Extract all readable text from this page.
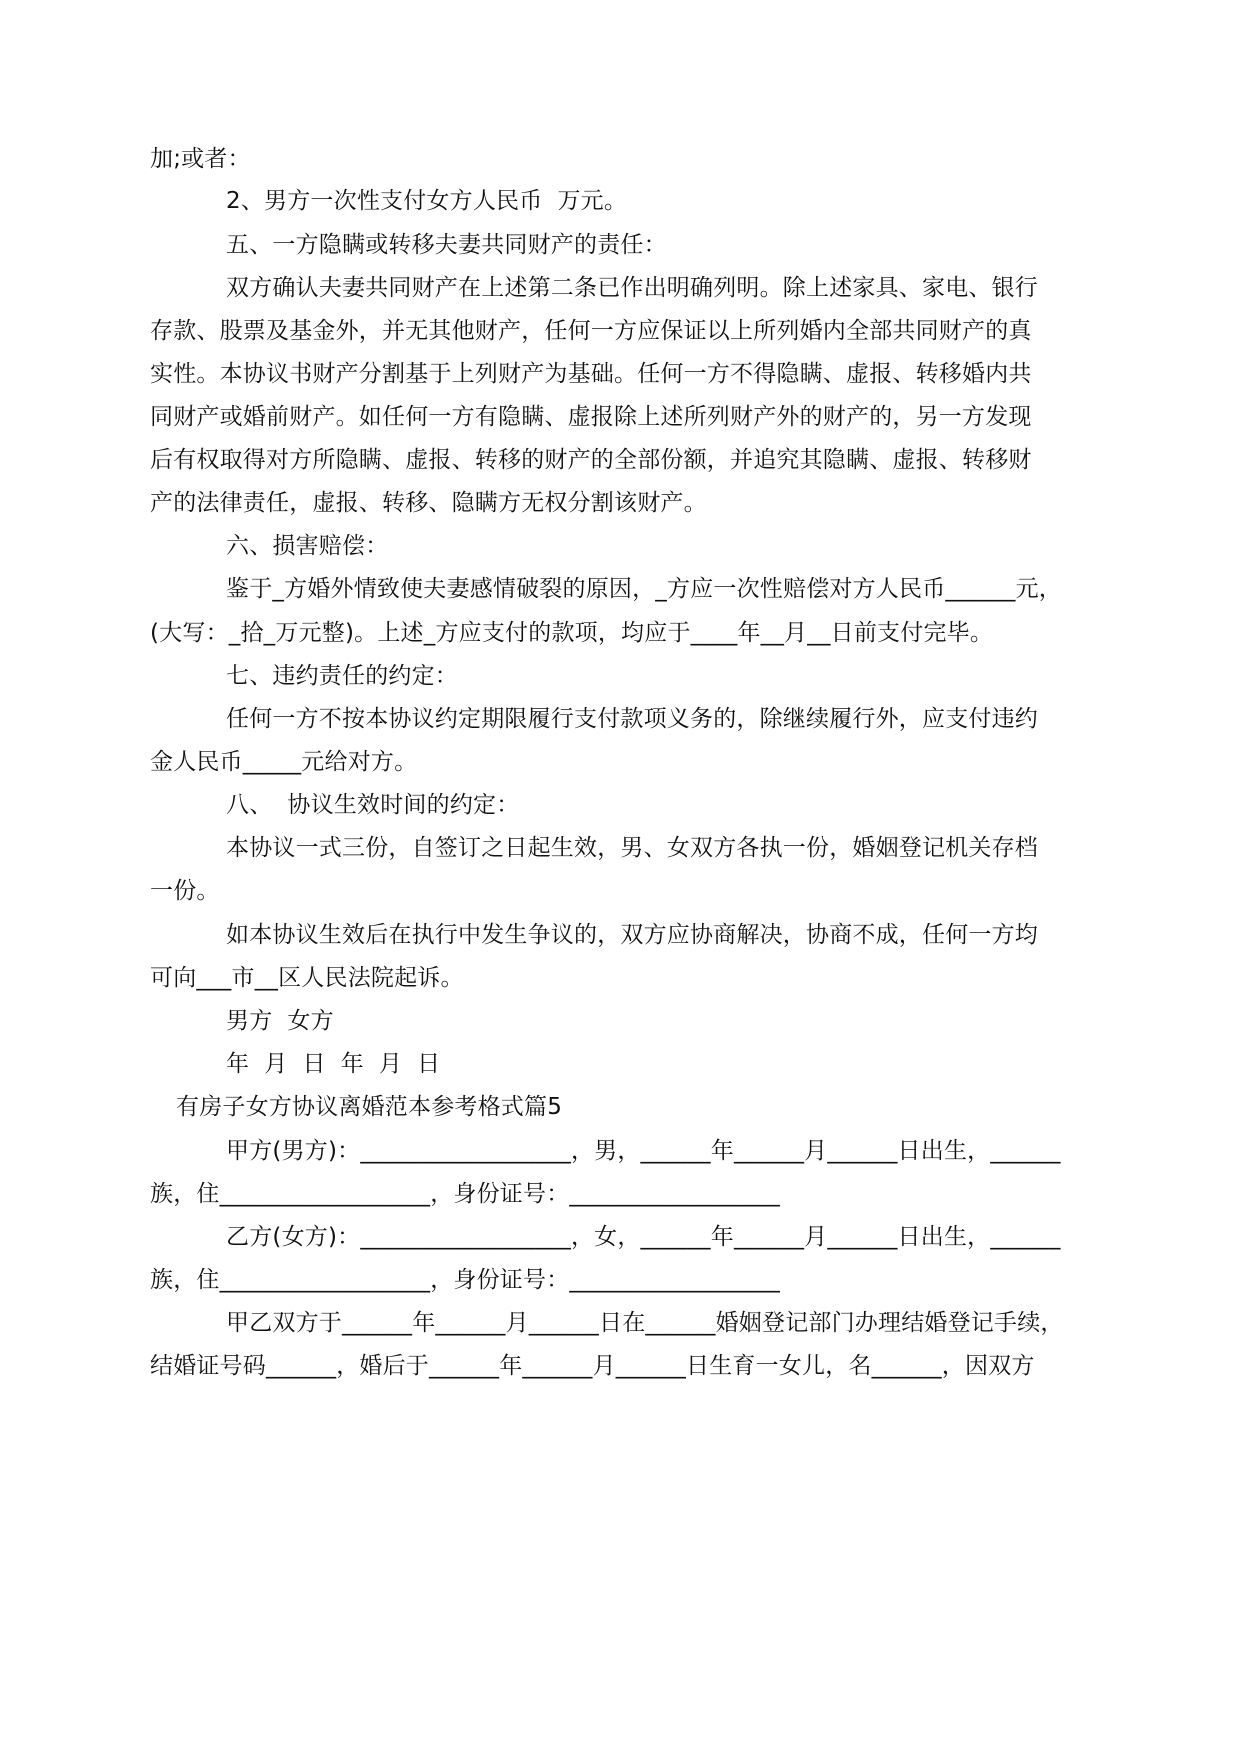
加;或者：
2、男方一次性支付女方人民币  万元。
五、一方隐瞒或转移夫妻共同财产的责任：
双方确认夫妻共同财产在上述第二条已作出明确列明。除上述家具、家电、银行
存款、股票及基金外，并无其他财产，任何一方应保证以上所列婚内全部共同财产的真
实性。本协议书财产分割基于上列财产为基础。任何一方不得隐瞒、虚报、转移婚内共
同财产或婚前财产。如任何一方有隐瞒、虚报除上述所列财产外的财产的，另一方发现
后有权取得对方所隐瞒、虚报、转移的财产的全部份额，并追究其隐瞒、虚报、转移财
产的法律责任，虚报、转移、隐瞒方无权分割该财产。
六、损害赔偿：
鉴于_方婚外情致使夫妻感情破裂的原因，_方应一次性赔偿对方人民币______元，
(大写：_拾_万元整)。上述_方应支付的款项，均应于____年__月__日前支付完毕。
七、违约责任的约定：
任何一方不按本协议约定期限履行支付款项义务的，除继续履行外，应支付违约
金人民币_____元给对方。
八、  协议生效时间的约定：
本协议一式三份，自签订之日起生效，男、女双方各执一份，婚姻登记机关存档
一份。
如本协议生效后在执行中发生争议的，双方应协商解决，协商不成，任何一方均
可向___市__区人民法院起诉。
男方  女方
年  月  日  年  月  日
有房子女方协议离婚范本参考格式篇5
甲方(男方)：__________________，男，______年______月______日出生，______
族，住__________________，身份证号：__________________
乙方(女方)：__________________，女，______年______月______日出生，______
族，住__________________，身份证号：__________________
甲乙双方于______年______月______日在______婚姻登记部门办理结婚登记手续，
结婚证号码______，婚后于______年______月______日生育一女儿，名______，因双方
